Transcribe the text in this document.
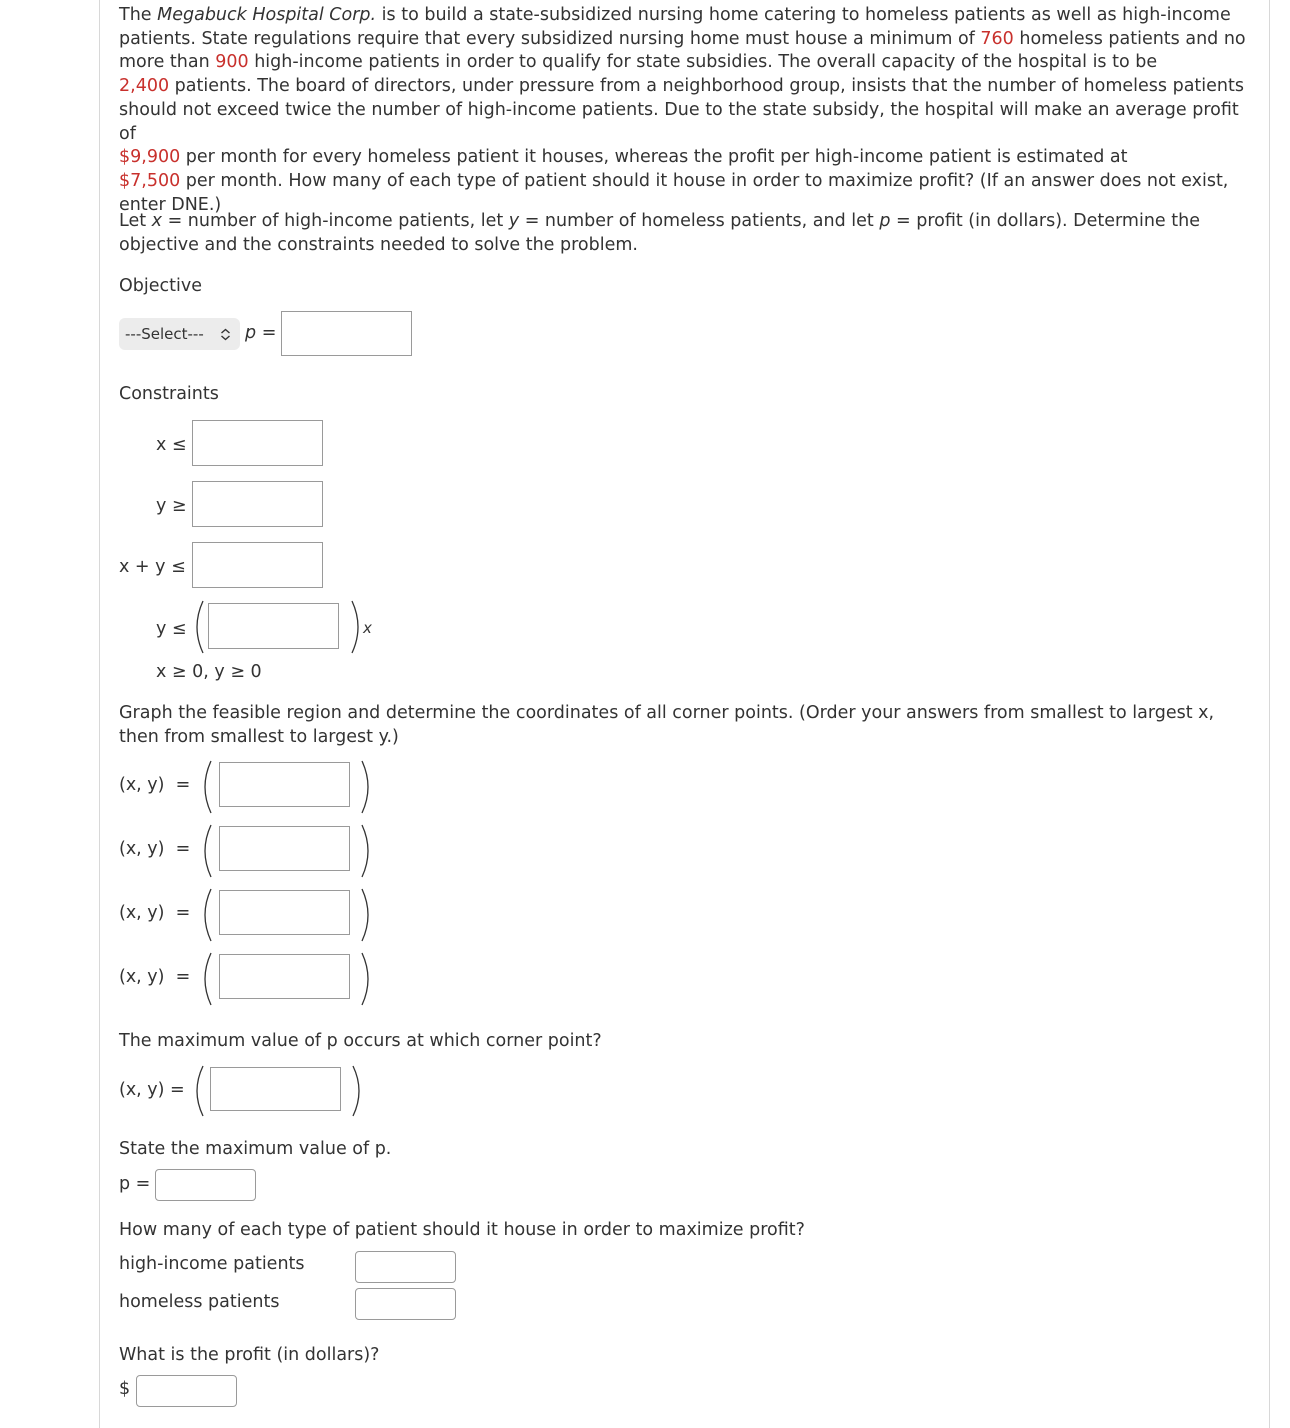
The Megabuck Hospital Corp. is to build a state-subsidized nursing home catering to homeless patients as well as high-income patients. State regulations require that every subsidized nursing home must house a minimum of 760 homeless patients and no more than 900 high-income patients in order to qualify for state subsidies. The overall capacity of the hospital is to be
2,400 patients. The board of directors, under pressure from a neighborhood group, insists that the number of homeless patients should not exceed twice the number of high-income patients. Due to the state subsidy, the hospital will make an average profit of
$9,900 per month for every homeless patient it houses, whereas the profit per high-income patient is estimated at
$7,500 per month. How many of each type of patient should it house in order to maximize profit? (If an answer does not exist, enter DNE.)

Let x = number of high-income patients, let y = number of homeless patients, and let p = profit (in dollars). Determine the objective and the constraints needed to solve the problem.

Objective
---Select---	p =
Constraints
x ≤
y ≥
x + y ≤
y ≤	x
x ≥ 0, y ≥ 0

Graph the feasible region and determine the coordinates of all corner points. (Order your answers from smallest to largest x, then from smallest to largest y.)

(x, y) =
(x, y) =
(x, y) =
(x, y) =
The maximum value of p occurs at which corner point?
(x, y) =
State the maximum value of p.
p =
How many of each type of patient should it house in order to maximize profit?
high-income patients
homeless patients
What is the profit (in dollars)?
$
